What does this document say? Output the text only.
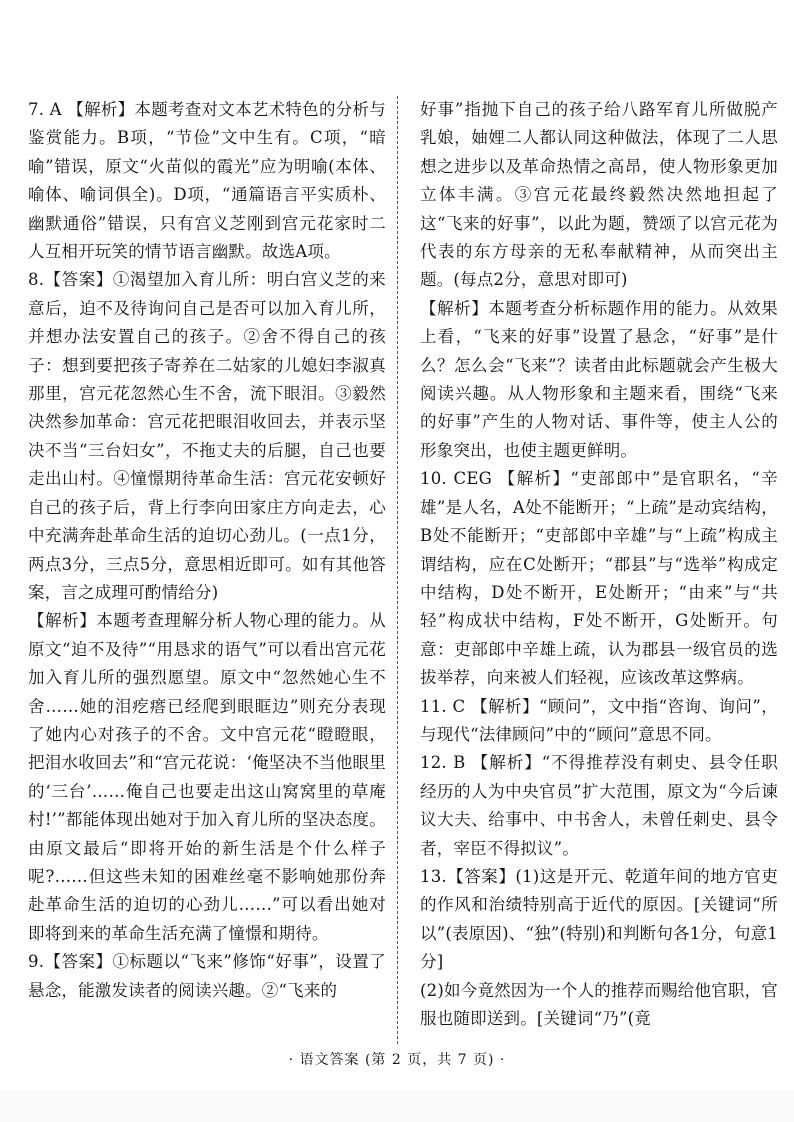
7. A 【解析】本题考查对文本艺术特色的分析与鉴赏能力。B项，“节俭”文中生有。C项，“暗喻”错误，原文“火苗似的霞光”应为明喻(本体、喻体、喻词俱全)。D项，“通篇语言平实质朴、幽默通俗”错误，只有宫义芝刚到宫元花家时二人互相开玩笑的情节语言幽默。故选A项。

8.【答案】①渴望加入育儿所：明白宫义芝的来意后，迫不及待询问自己是否可以加入育儿所，并想办法安置自己的孩子。②舍不得自己的孩子：想到要把孩子寄养在二姑家的儿媳妇李淑真那里，宫元花忽然心生不舍，流下眼泪。③毅然决然参加革命：宫元花把眼泪收回去，并表示坚决不当“三台妇女”，不拖丈夫的后腿，自己也要走出山村。④憧憬期待革命生活：宫元花安顿好自己的孩子后，背上行李向田家庄方向走去，心中充满奔赴革命生活的迫切心劲儿。(一点1分，两点3分，三点5分，意思相近即可。如有其他答案，言之成理可酌情给分)

【解析】本题考查理解分析人物心理的能力。从原文“迫不及待”“用恳求的语气”可以看出宫元花加入育儿所的强烈愿望。原文中“忽然她心生不舍……她的泪疙瘩已经爬到眼眶边”则充分表现了她内心对孩子的不舍。文中宫元花“瞪瞪眼，把泪水收回去”和“宫元花说：‘俺坚决不当他眼里的‘三台’……俺自己也要走出这山窝窝里的草庵村!’”都能体现出她对于加入育儿所的坚决态度。由原文最后“即将开始的新生活是个什么样子呢?……但这些未知的困难丝毫不影响她那份奔赴革命生活的迫切的心劲儿……”可以看出她对即将到来的革命生活充满了憧憬和期待。

9.【答案】①标题以“飞来”修饰“好事”，设置了悬念，能激发读者的阅读兴趣。②“飞来的

好事”指抛下自己的孩子给八路军育儿所做脱产乳娘，妯娌二人都认同这种做法，体现了二人思想之进步以及革命热情之高昂，使人物形象更加立体丰满。③宫元花最终毅然决然地担起了这“飞来的好事”，以此为题，赞颂了以宫元花为代表的东方母亲的无私奉献精神，从而突出主题。(每点2分，意思对即可)

【解析】本题考查分析标题作用的能力。从效果上看，“飞来的好事”设置了悬念，“好事”是什么？怎么会“飞来”？读者由此标题就会产生极大阅读兴趣。从人物形象和主题来看，围绕“飞来的好事”产生的人物对话、事件等，使主人公的形象突出，也使主题更鲜明。

10. CEG 【解析】“吏部郎中”是官职名，“辛雄”是人名，A处不能断开；“上疏”是动宾结构，B处不能断开；“吏部郎中辛雄”与“上疏”构成主谓结构，应在C处断开；“郡县”与“选举”构成定中结构，D处不断开，E处断开；“由来”与“共轻”构成状中结构，F处不断开，G处断开。句意：吏部郎中辛雄上疏，认为郡县一级官员的选拔举荐，向来被人们轻视，应该改革这弊病。

11. C 【解析】“顾问”，文中指“咨询、询问”，与现代“法律顾问”中的“顾问”意思不同。

12. B 【解析】“不得推荐没有刺史、县令任职经历的人为中央官员”扩大范围，原文为“今后谏议大夫、给事中、中书舍人，未曾任刺史、县令者，宰臣不得拟议”。

13.【答案】(1)这是开元、乾道年间的地方官吏的作风和治绩特别高于近代的原因。[关键词“所以”(表原因)、“独”(特别)和判断句各1分，句意1分]

(2)如今竟然因为一个人的推荐而赐给他官职，官服也随即送到。[关键词“乃”(竟

· 语文答案 (第 2 页，共 7 页) ·
